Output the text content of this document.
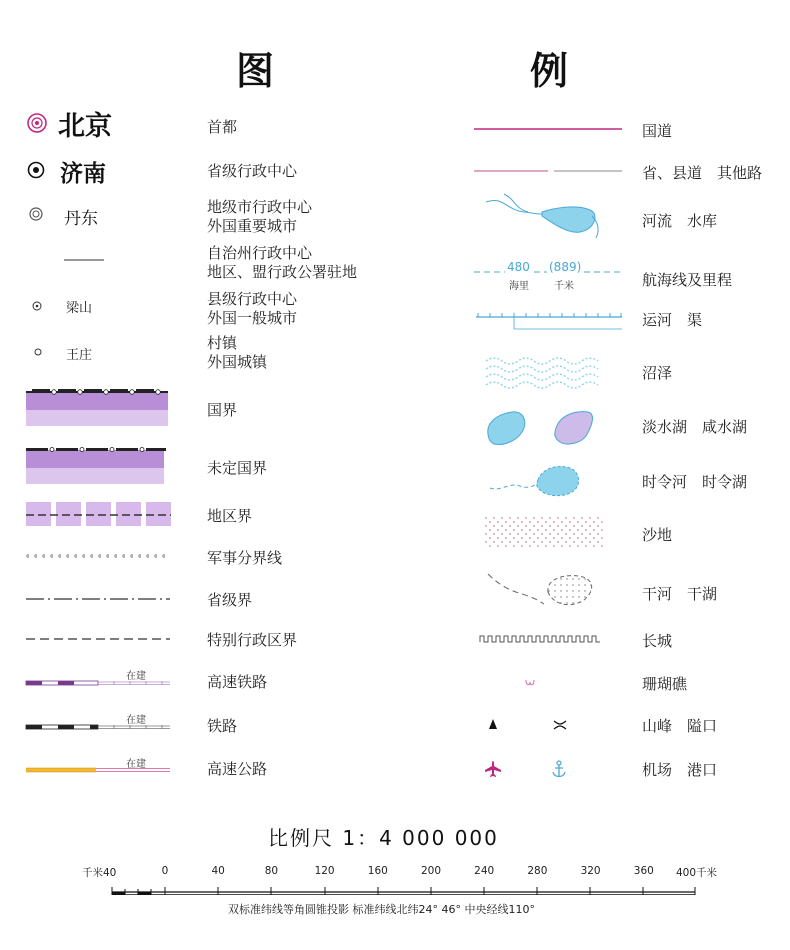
图	例
北京	首都
济南	省级行政中心
丹东
地级市行政中心
外国重要城市
自治州行政中心
地区、盟行政公署驻地
梁山
县级行政中心
外国一般城市
王庄
村镇
外国城镇
国界
未定国界
地区界
军事分界线
省级界
特别行政区界
在建	高速铁路
在建	铁路
在建	高速公路
国道
省、县道　其他路
河流　水库
480 (889)
海里	千米	航海线及里程
运河　渠
沼泽
淡水湖　咸水湖
时令河　时令湖
沙地
干河　干湖
长城
珊瑚礁
山峰　隘口
机场　港口
比例尺 1：4 000 000
千米40	400千米
0	40	80	120	160	200	240	280	320	360
双标准纬线等角圆锥投影 标准纬线北纬24° 46° 中央经线110°
